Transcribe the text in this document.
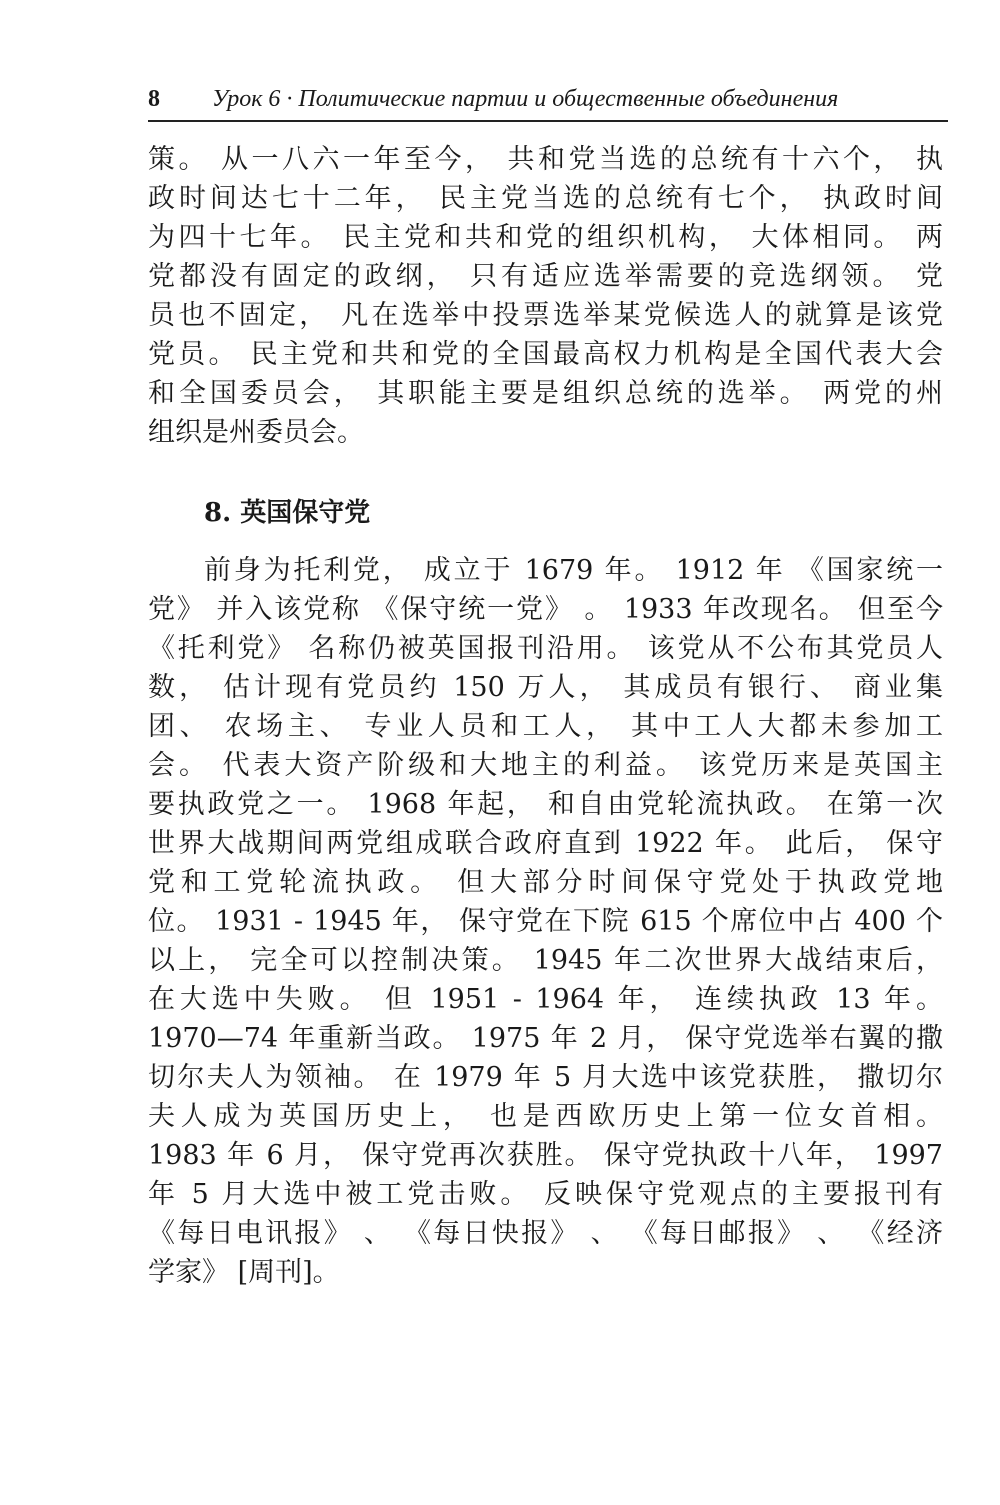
8 Урок 6 · Политические партии и общественные объединения
策。 从一八六一年至今， 共和党当选的总统有十六个， 执
政时间达七十二年， 民主党当选的总统有七个， 执政时间
为四十七年。 民主党和共和党的组织机构， 大体相同。 两
党都没有固定的政纲， 只有适应选举需要的竞选纲领。 党
员也不固定， 凡在选举中投票选举某党候选人的就算是该党
党员。 民主党和共和党的全国最高权力机构是全国代表大会
和全国委员会， 其职能主要是组织总统的选举。 两党的州
组织是州委员会。
8. 英国保守党
前身为托利党， 成立于 1679 年。 1912 年 《国家统一
党》 并入该党称 《保守统一党》 。 1933 年改现名。 但至今
《托利党》 名称仍被英国报刊沿用。 该党从不公布其党员人
数， 估计现有党员约 150 万人， 其成员有银行、 商业集
团、 农场主、 专业人员和工人， 其中工人大都未参加工
会。 代表大资产阶级和大地主的利益。 该党历来是英国主
要执政党之一。 1968 年起， 和自由党轮流执政。 在第一次
世界大战期间两党组成联合政府直到 1922 年。 此后， 保守
党和工党轮流执政。 但大部分时间保守党处于执政党地
位。 1931 - 1945 年， 保守党在下院 615 个席位中占 400 个
以上， 完全可以控制决策。 1945 年二次世界大战结束后，
在大选中失败。 但 1951 - 1964 年， 连续执政 13 年。
1970—74 年重新当政。 1975 年 2 月， 保守党选举右翼的撒
切尔夫人为领袖。 在 1979 年 5 月大选中该党获胜， 撒切尔
夫人成为英国历史上， 也是西欧历史上第一位女首相。
1983 年 6 月， 保守党再次获胜。 保守党执政十八年， 1997
年 5 月大选中被工党击败。 反映保守党观点的主要报刊有
《每日电讯报》 、 《每日快报》 、 《每日邮报》 、 《经济
学家》 [周刊]。
